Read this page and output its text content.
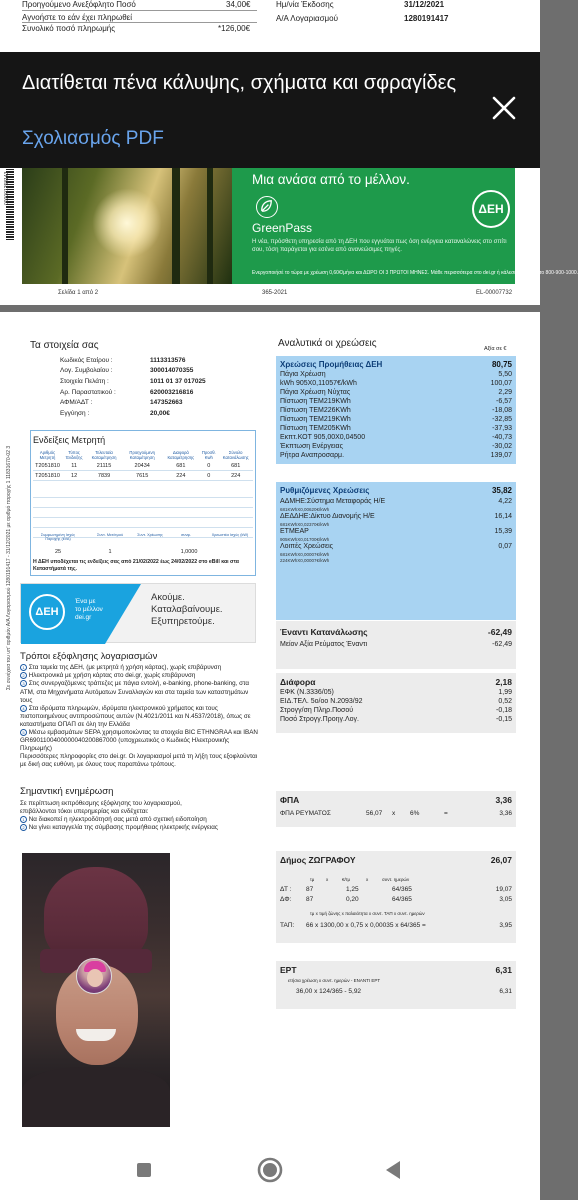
Προηγούμενο Ανεξόφλητο Ποσό	34,00€
Αγνοήστε το εάν έχει πληρωθεί
Συνολικό ποσό πληρωμής	*126,00€
Ημ/νία Έκδοσης	31/12/2021
Α/Α Λογαριασμού	1280191417
000001258143	Μια ανάσα από το μέλλον.
GreenPass
Η νέα, πρόσθετη υπηρεσία από τη ΔΕΗ που εγγυάται πως όση ενέργεια καταναλώνεις στο σπίτι σου, τόση παράγεται για εσένα από ανανεώσιμες πηγές.
Ενεργοποιήσέ το τώρα με χρέωση 0,60€/μήνα και ΔΩΡΟ ΟΙ 3 ΠΡΩΤΟΙ ΜΗΝΕΣ. Μάθε περισσότερα στο dei.gr ή κάλεσε δωρεάν στο 800-900-1000.
ΔΕΗ
Σελίδα 1 από 2	365-2021	EL-00007732
Διατίθεται πένα κάλυψης, σχήματα και σφραγίδες
Σχολιασμός PDF
Σε συνέχεια του υπ' αριθμόν Α/Α Λογαριασμού 1280191417 - 31/12/2021 με αριθμό παροχής 1 11831670-02 3
Τα στοιχεία σας
Κωδικός Εταίρου :	1113313576
Λογ. Συμβολαίου :	300014070355
Στοιχεία Πελάτη :	1011 01 37 017025
Αρ. Παραστατικού :	620003216816
ΑΦΜ/ΑΔΤ :	147352663
Εγγύηση :	20,00€
Ενδείξεις Μετρητή
Αριθμός Μετρητή	Τύπος Ένδειξης	Τελευταία Καταμέτρηση	Προηγούμενη Καταμέτρηση	Διαφορά Καταμέτρησης	Προσθ. Κwh	Σύνολο Κατανάλωσης
T2051810	11	21115	20434	681	0	681
T2051810	12	7839	7615	224	0	224
Συμφωνημένη Ισχύς Παροχής (kVA)
Συντ. Μετ/σμού	Συντ. Χρέωσης	συνφ.	Χρεωστέα Ισχύς (kW)
25	1	1,0000
Η ΔΕΗ υποδέχεται τις ενδείξεις σας από 21/02/2022 έως 24/02/2022 στο eBill και στα Καταστήματά της.
ΔΕΗ
Ένα με
το μέλλον
dei.gr
Ακούμε.
Καταλαβαίνουμε.
Εξυπηρετούμε.
Τρόποι εξόφλησης λογαριασμών
1 Στα ταμεία της ΔΕΗ, (με μετρητά ή χρήση κάρτας), χωρίς επιβάρυνση
2 Ηλεκτρονικά με χρήση κάρτας στο dei.gr, χωρίς επιβάρυνση
3 Στις συνεργαζόμενες τράπεζες με πάγια εντολή, e-banking, phone-banking, στα ΑΤΜ, στα Μηχανήματα Αυτόματων Συναλλαγών και στα ταμεία των καταστημάτων τους
4 Στα ιδρύματα πληρωμών, ιδρύματα ηλεκτρονικού χρήματος και τους πιστοποιημένους αντιπροσώπους αυτών (Ν.4021/2011 και Ν.4537/2018), όπως σε καταστήματα ΟΠΑΠ σε όλη την Ελλάδα
5 Μέσω εμβασμάτων SEPA χρησιμοποιώντας τα στοιχεία BIC ETHNGRAA και IBAN GR6901100400000040200867000 (υποχρεωτικός ο Κωδικός Ηλεκτρονικής Πληρωμής)
Περισσότερες πληροφορίες στο dei.gr. Οι λογαριασμοί μετά τη λήξη τους εξοφλούνται με δική σας ευθύνη, με όλους τους παραπάνω τρόπους.
Σημαντική ενημέρωση
Σε περίπτωση εκπρόθεσμης εξόφλησης του λογαριασμού,
επιβάλλονται τόκοι υπερημερίας και ενδέχεται:
1 Να διακοπεί η ηλεκτροδότησή σας μετά από σχετική ειδοποίηση
2 Να γίνει καταγγελία της σύμβασης προμήθειας ηλεκτρικής ενέργειας
Αναλυτικά οι χρεώσεις	Αξία σε €
Χρεώσεις Προμήθειας ΔΕΗ	80,75
Πάγια Χρέωση	5,50
kWh 905X0,11057€/kWh	100,07
Πάγια Χρέωση Νύχτας	2,29
Πίστωση ΤΕΜ219KWh	-6,57
Πίστωση ΤΕΜ226KWh	-18,08
Πίστωση ΤΕΜ219KWh	-32,85
Πίστωση ΤΕΜ205KWh	-37,93
Εκπτ.ΚΟΤ 905,00Χ0,04500	-40,73
Έκπτωση Ενέργειας	-30,02
Ρήτρα Αναπροσαρμ.	139,07
Ρυθμιζόμενες Χρεώσεις	35,82
ΑΔΜΗΕ:Σύστημα Μεταφοράς Η/Ε	4,22
681KWhX0,00620€/kWh
ΔΕΔΔΗΕ:Δίκτυο Διανομής Η/Ε	16,14
681KWhX0,02370€/kWh
ΕΤΜΕΑΡ	15,39
905KWhX0,01700€/kWh
Λοιπές Χρεώσεις	0,07
681KWhX0,00007€/kWh
224KWhX0,00007€/kWh
Έναντι Κατανάλωσης	-62,49
Μείον Αξία Ρεύματος Έναντι	-62,49
Διάφορα	2,18
ΕΦΚ (Ν.3336/05)	1,99
ΕΙΔ.ΤΕΛ. 5ο/οο Ν.2093/92	0,52
Στρογγ/ση Πληρ.Ποσού	-0,18
Ποσό Στρογγ.Προηγ.Λογ.	-0,15
ΦΠΑ	3,36
ΦΠΑ ΡΕΥΜΑΤΟΣ	56,07 x 6%	=	3,36
Δήμος ΖΩΓΡΑΦΟΥ	26,07
τμ	x	€/τμ	x	συντ. ημερών
ΔΤ : 87	1,25	64/365	19,07
ΔΦ: 87	0,20	64/365	3,05
τμ x τιμή ζώνης x παλαιότητα x συντ. ΤΑΠ x συντ. ημερών
ΤΑΠ: 66 x 1300,00 x 0,75 x 0,00035 x 64/365 =	3,95
ΕΡΤ	6,31
ετήσια χρέωση x συντ. ημερών - ΕΝΑΝΤΙ ΕΡΤ
36,00 x 124/365 - 5,92	6,31
